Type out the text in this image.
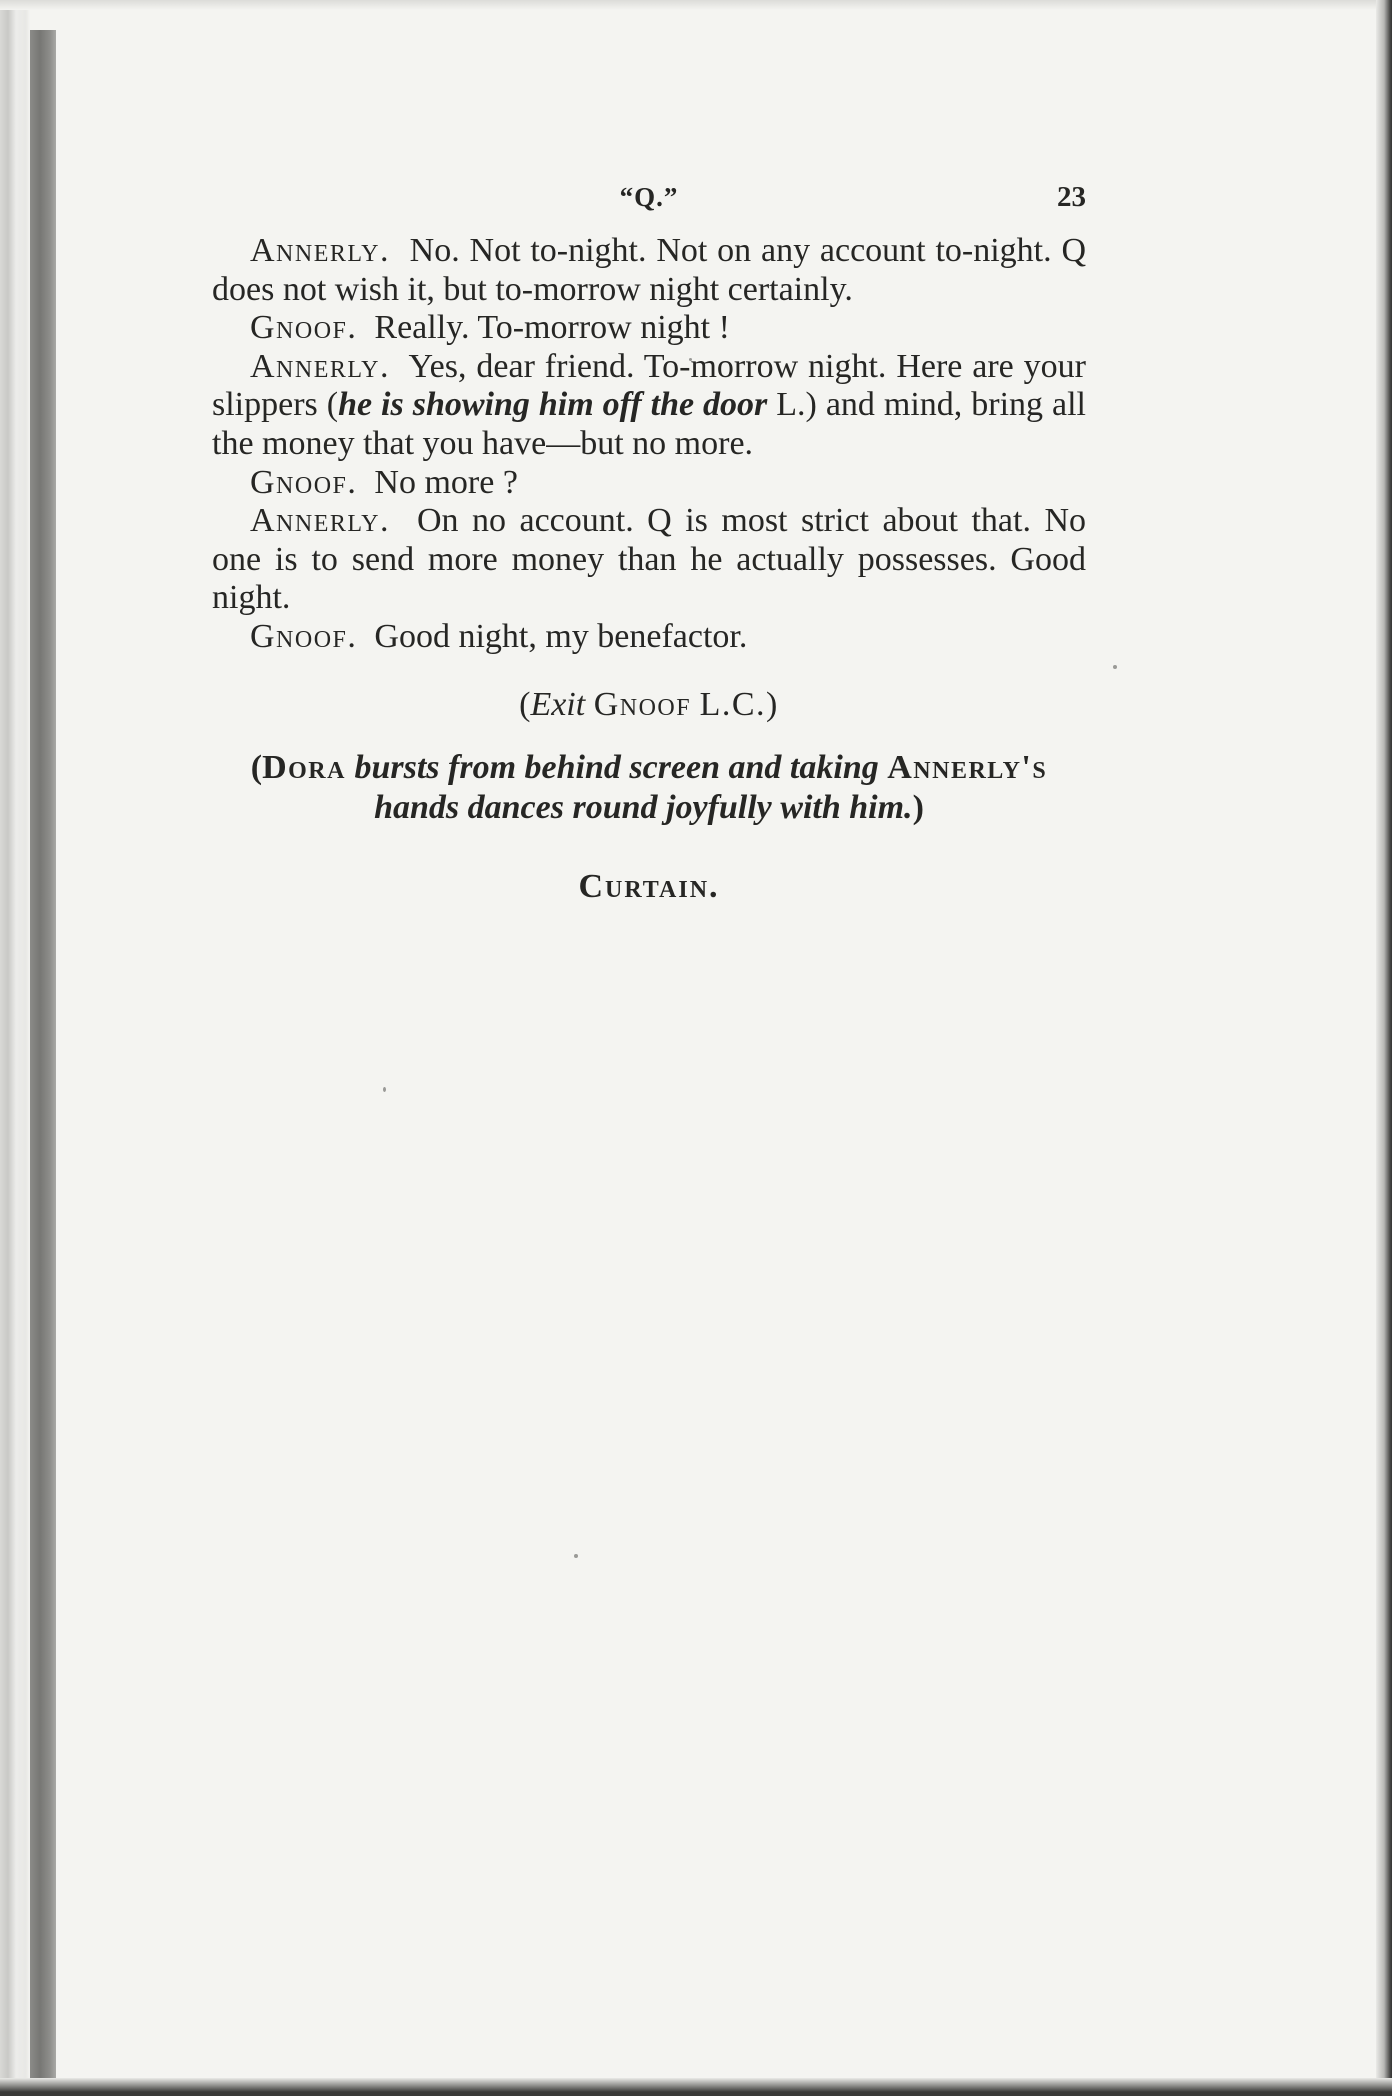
“Q.”	23

Annerly. No. Not to-night. Not on any account to-night. Q does not wish it, but to-morrow night certainly.

Gnoof. Really. To-morrow night !

Annerly. Yes, dear friend. To-morrow night. Here are your slippers (he is showing him off the door L.) and mind, bring all the money that you have—but no more.

Gnoof. No more ?

Annerly. On no account. Q is most strict about that. No one is to send more money than he actually possesses. Good night.

Gnoof. Good night, my benefactor.

(Exit Gnoof L.C.)

(Dora bursts from behind screen and taking Annerly's
hands dances round joyfully with him.)

Curtain.
